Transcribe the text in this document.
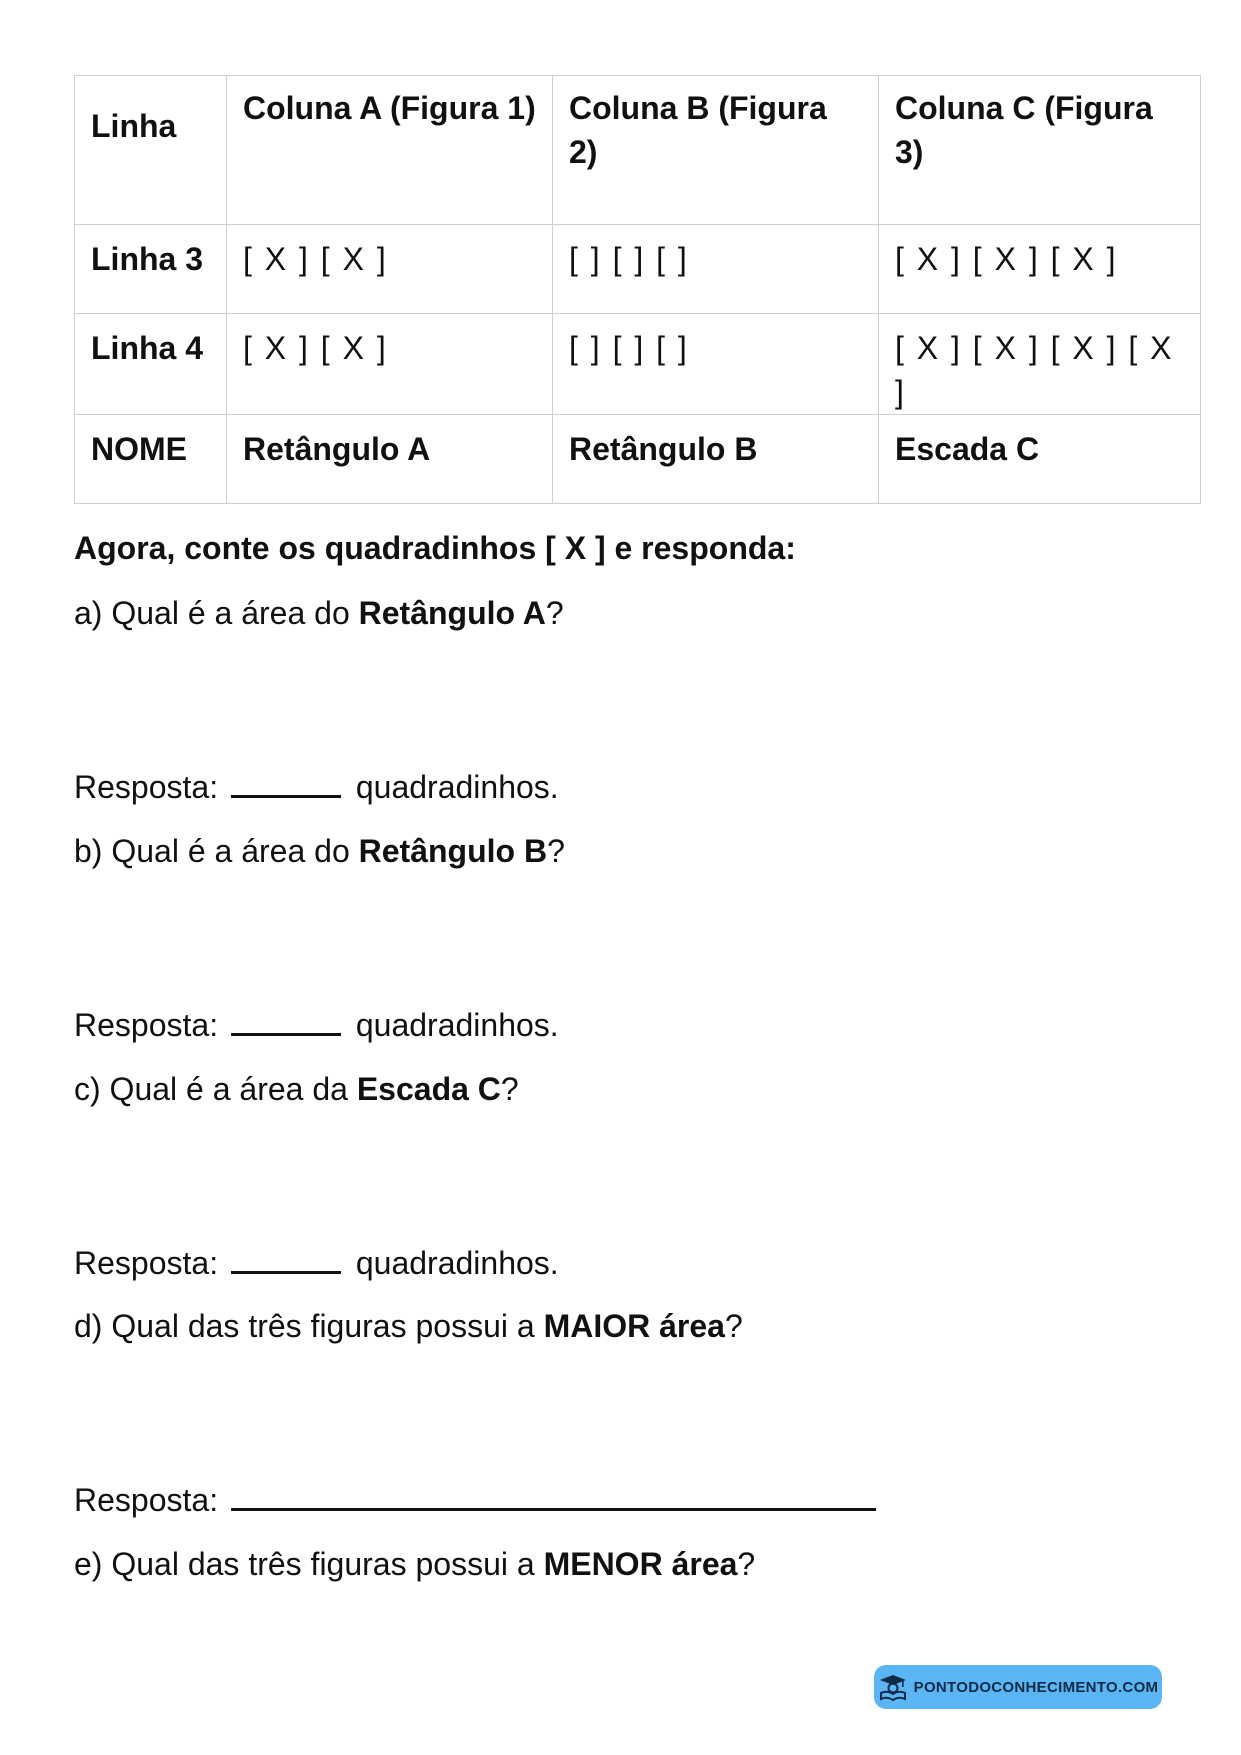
Linha	Coluna A (Figura 1)	Coluna B (Figura 2)	Coluna C (Figura 3)
Linha 3	[ X ] [ X ]	[ ] [ ] [ ]	[ X ] [ X ] [ X ]
Linha 4	[ X ] [ X ]	[ ] [ ] [ ]	[ X ] [ X ] [ X ] [ X ]
NOME	Retângulo A	Retângulo B	Escada C
Agora, conte os quadradinhos [ X ] e responda:
a) Qual é a área do Retângulo A?
Resposta:	quadradinhos.
b) Qual é a área do Retângulo B?
Resposta:	quadradinhos.
c) Qual é a área da Escada C?
Resposta:	quadradinhos.
d) Qual das três figuras possui a MAIOR área?
Resposta:
e) Qual das três figuras possui a MENOR área?
PONTODOCONHECIMENTO.COM
